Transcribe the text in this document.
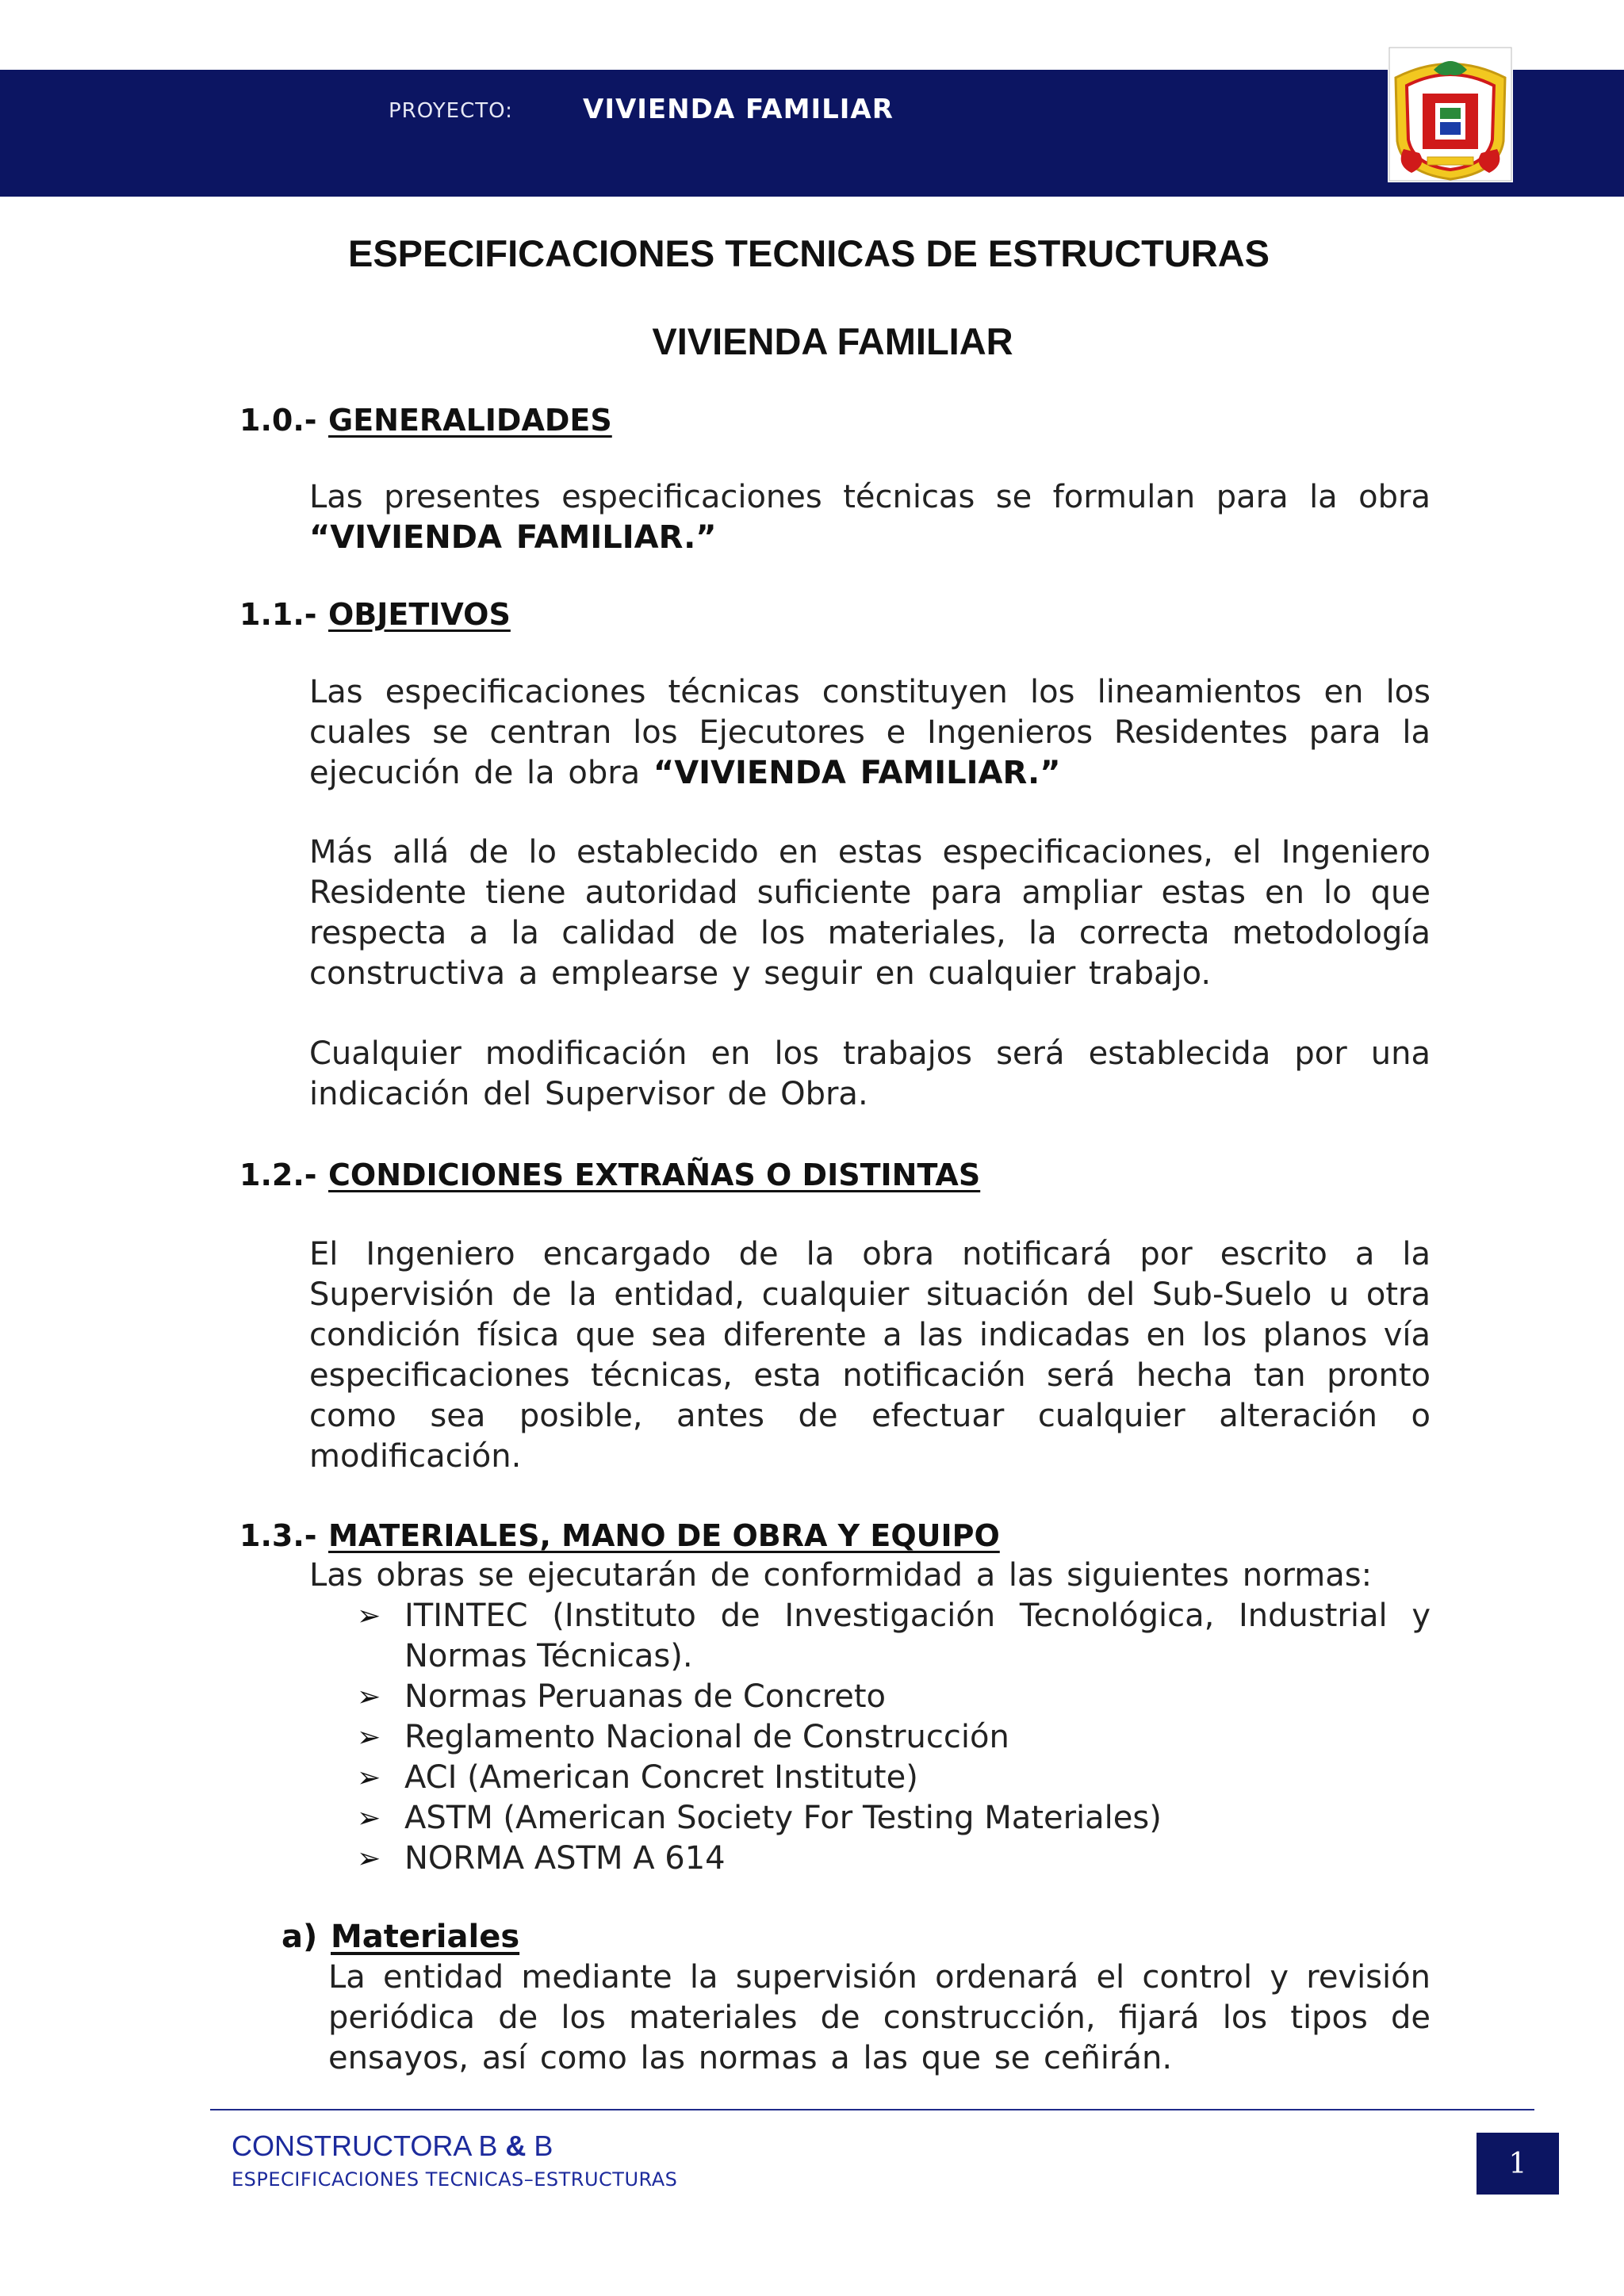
PROYECTO:	VIVIENDA FAMILIAR
ESPECIFICACIONES TECNICAS DE ESTRUCTURAS
VIVIENDA FAMILIAR
1.0.- GENERALIDADES
Las presentes especificaciones técnicas se formulan para la obra “VIVIENDA FAMILIAR.”
1.1.- OBJETIVOS
Las especificaciones técnicas constituyen los lineamientos en los cuales se centran los Ejecutores e Ingenieros Residentes para la ejecución de la obra “VIVIENDA FAMILIAR.”
Más allá de lo establecido en estas especificaciones, el Ingeniero Residente tiene autoridad suficiente para ampliar estas en lo que respecta a la calidad de los materiales, la correcta metodología constructiva a emplearse y seguir en cualquier trabajo.
Cualquier modificación en los trabajos será establecida por una indicación del Supervisor de Obra.
1.2.- CONDICIONES EXTRAÑAS O DISTINTAS
El Ingeniero encargado de la obra notificará por escrito a la Supervisión de la entidad, cualquier situación del Sub-Suelo u otra condición física que sea diferente a las indicadas en los planos vía especificaciones técnicas, esta notificación será hecha tan pronto como sea posible, antes de efectuar cualquier alteración o modificación.
1.3.- MATERIALES, MANO DE OBRA Y EQUIPO
Las obras se ejecutarán de conformidad a las siguientes normas:
➢ ITINTEC (Instituto de Investigación Tecnológica, Industrial y Normas Técnicas).
➢ Normas Peruanas de Concreto
➢ Reglamento Nacional de Construcción
➢ ACI (American Concret Institute)
➢ ASTM (American Society For Testing Materiales)
➢ NORMA ASTM A 614
a) Materiales
La entidad mediante la supervisión ordenará el control y revisión periódica de los materiales de construcción, fijará los tipos de ensayos, así como las normas a las que se ceñirán.
CONSTRUCTORA B & B
ESPECIFICACIONES TECNICAS–ESTRUCTURAS	1
